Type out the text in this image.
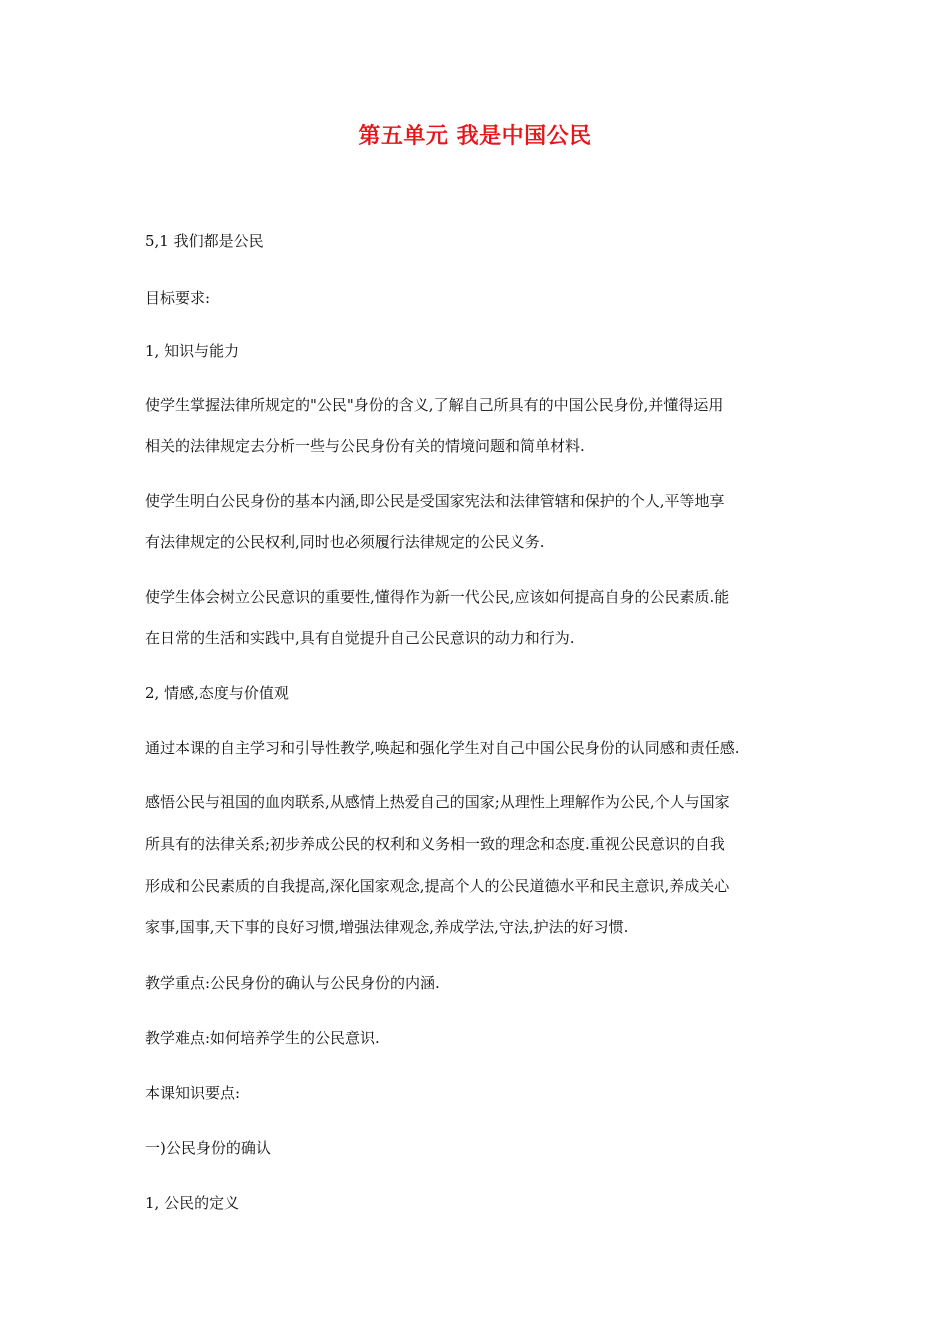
第五单元 我是中国公民
5,1 我们都是公民
目标要求:
1, 知识与能力
使学生掌握法律所规定的"公民"身份的含义,了解自己所具有的中国公民身份,并懂得运用
相关的法律规定去分析一些与公民身份有关的情境问题和简单材料.
使学生明白公民身份的基本内涵,即公民是受国家宪法和法律管辖和保护的个人,平等地享
有法律规定的公民权利,同时也必须履行法律规定的公民义务.
使学生体会树立公民意识的重要性,懂得作为新一代公民,应该如何提高自身的公民素质.能
在日常的生活和实践中,具有自觉提升自己公民意识的动力和行为.
2, 情感,态度与价值观
通过本课的自主学习和引导性教学,唤起和强化学生对自己中国公民身份的认同感和责任感.
感悟公民与祖国的血肉联系,从感情上热爱自己的国家;从理性上理解作为公民,个人与国家
所具有的法律关系;初步养成公民的权利和义务相一致的理念和态度.重视公民意识的自我
形成和公民素质的自我提高,深化国家观念,提高个人的公民道德水平和民主意识,养成关心
家事,国事,天下事的良好习惯,增强法律观念,养成学法,守法,护法的好习惯.
教学重点:公民身份的确认与公民身份的内涵.
教学难点:如何培养学生的公民意识.
本课知识要点:
一)公民身份的确认
1, 公民的定义
